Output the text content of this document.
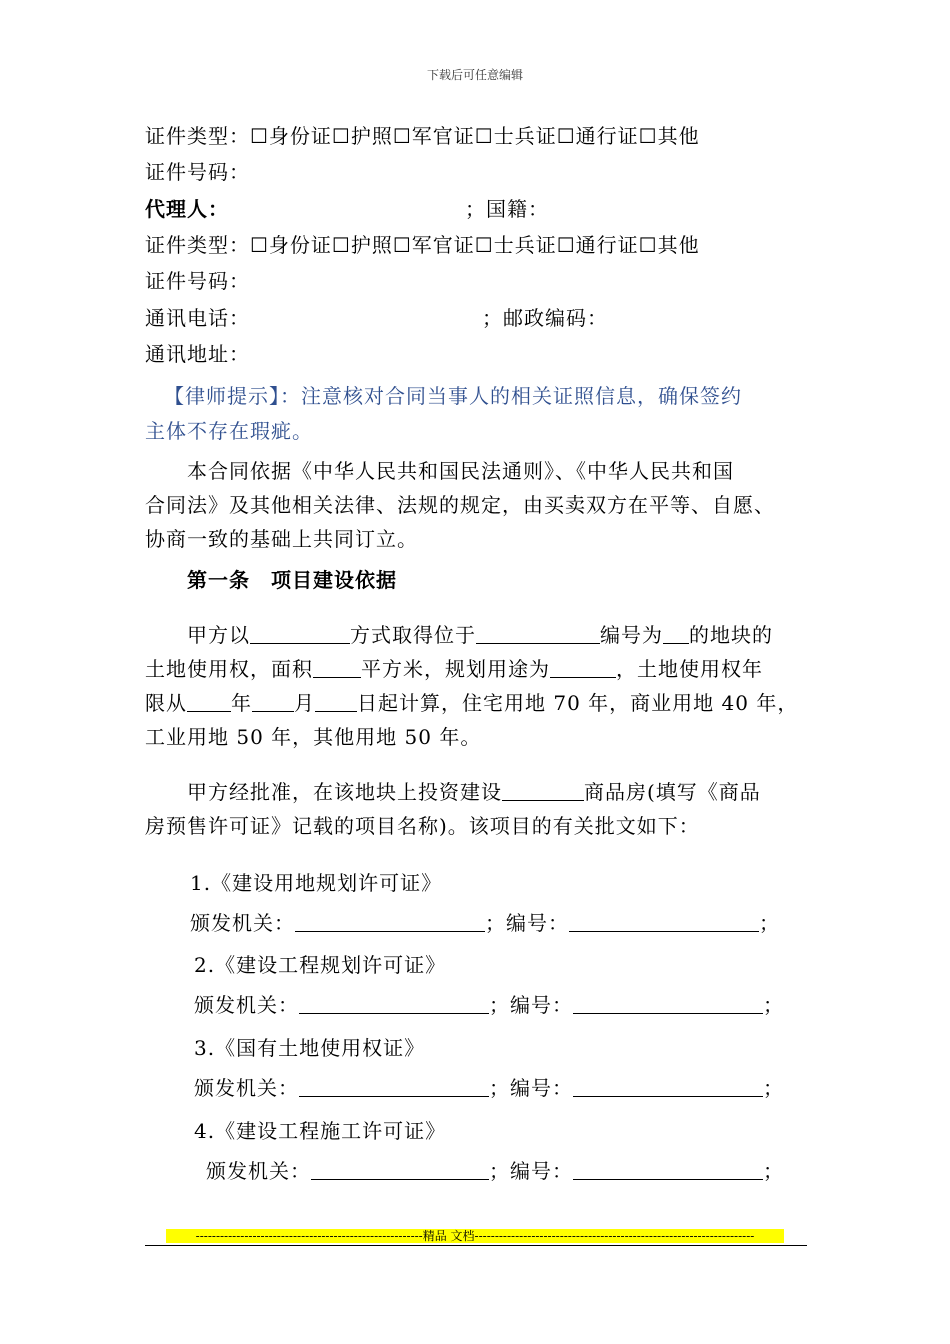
下载后可任意编辑
证件类型：☐身份证☐护照☐军官证☐士兵证☐通行证☐其他
证件号码：
代理人：	；国籍：
证件类型：☐身份证☐护照☐军官证☐士兵证☐通行证☐其他
证件号码：
通讯电话：	；邮政编码：
通讯地址：
【律师提示】：注意核对合同当事人的相关证照信息，确保签约
主体不存在瑕疵。
本合同依据《中华人民共和国民法通则》、《中华人民共和国
合同法》及其他相关法律、法规的规定，由买卖双方在平等、自愿、
协商一致的基础上共同订立。
第一条　项目建设依据
甲方以	方式取得位于	编号为 的地块的
土地使用权，面积 平方米，规划用途为	，土地使用权年
限从 年 月 日起计算，住宅用地 70 年，商业用地 40 年，
工业用地 50 年，其他用地 50 年。
甲方经批准，在该地块上投资建设	商品房(填写《商品
房预售许可证》记载的项目名称)。该项目的有关批文如下：
1.《建设用地规划许可证》
颁发机关：	；编号：	；
2.《建设工程规划许可证》
颁发机关：	；编号：	；
3.《国有土地使用权证》
颁发机关：	；编号：	；
4.《建设工程施工许可证》
颁发机关：	；编号：	；
--------------------------------------------------------精品 文档---------------------------------------------------------------------
